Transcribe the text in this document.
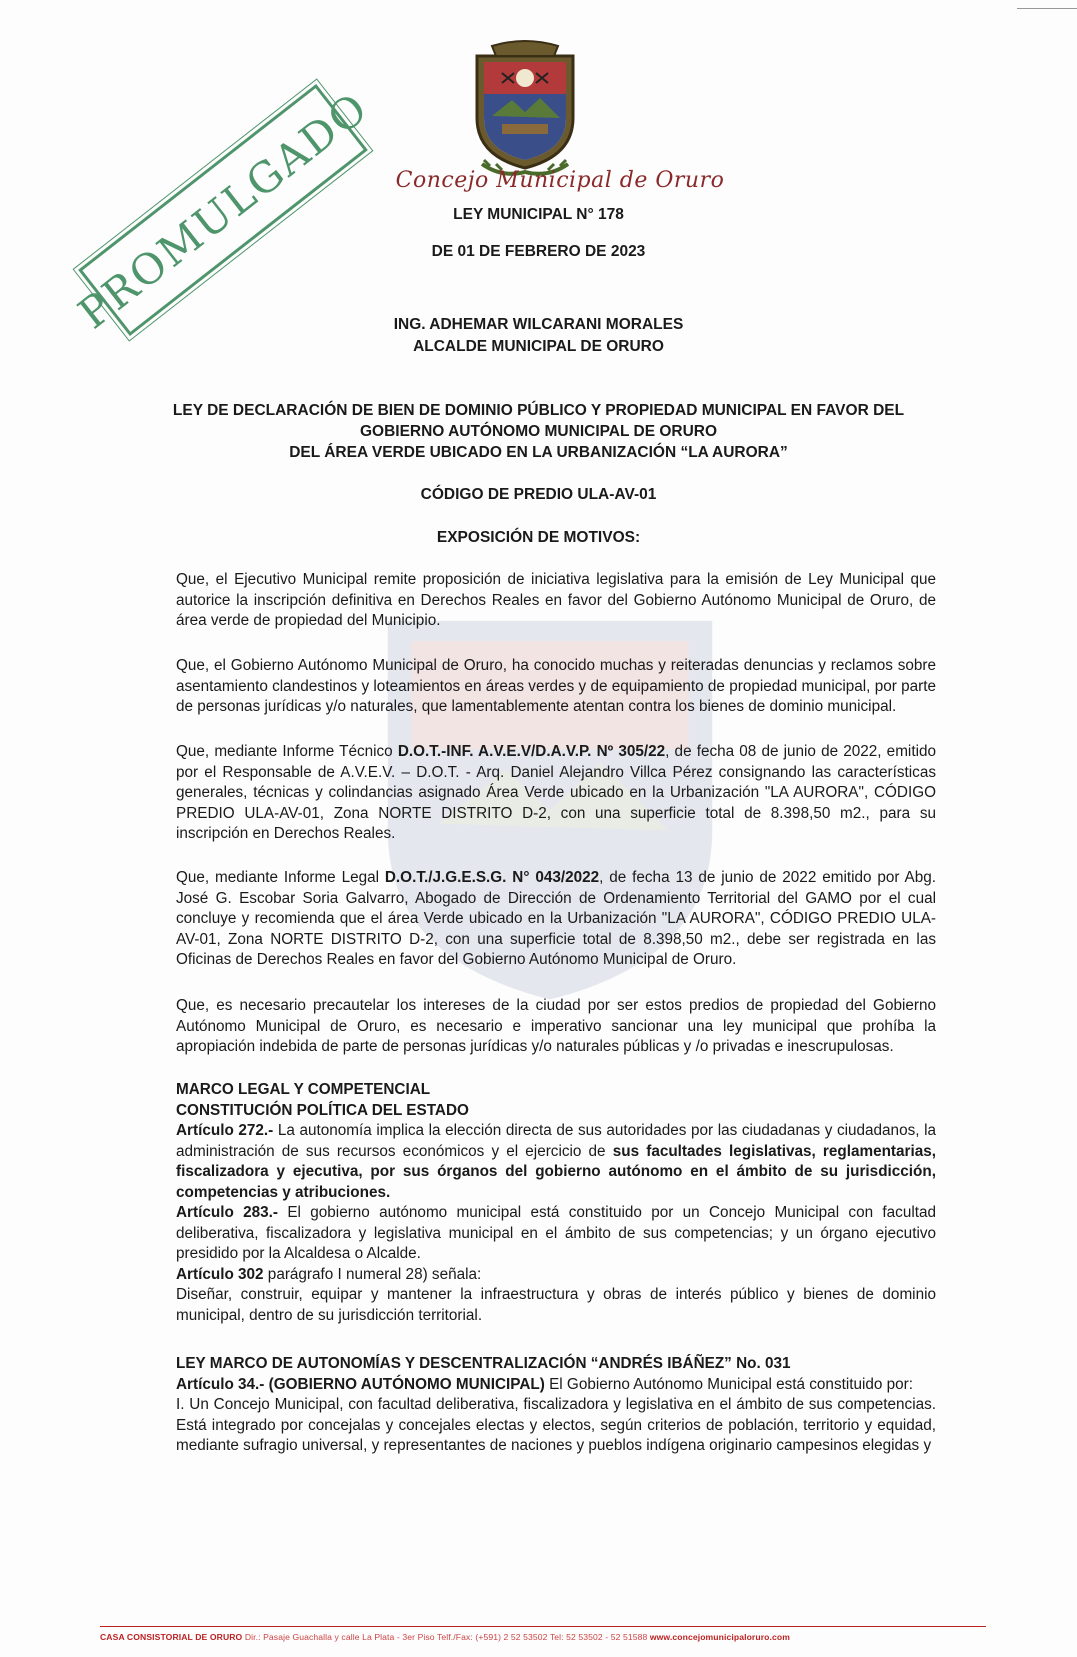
Concejo Municipal de Oruro
PROMULGADO	LEY MUNICIPAL N° 178
DE 01 DE FEBRERO DE 2023
ING. ADHEMAR WILCARANI MORALES
ALCALDE MUNICIPAL DE ORURO
LEY DE DECLARACIÓN DE BIEN DE DOMINIO PÚBLICO Y PROPIEDAD MUNICIPAL EN FAVOR DEL
GOBIERNO AUTÓNOMO MUNICIPAL DE ORURO
DEL ÁREA VERDE UBICADO EN LA URBANIZACIÓN “LA AURORA”
CÓDIGO DE PREDIO ULA-AV-01
EXPOSICIÓN DE MOTIVOS:

Que, el Ejecutivo Municipal remite proposición de iniciativa legislativa para la emisión de Ley Municipal que autorice la inscripción definitiva en Derechos Reales en favor del Gobierno Autónomo Municipal de Oruro, de área verde de propiedad del Municipio.

Que, el Gobierno Autónomo Municipal de Oruro, ha conocido muchas y reiteradas denuncias y reclamos sobre asentamiento clandestinos y loteamientos en áreas verdes y de equipamiento de propiedad municipal, por parte de personas jurídicas y/o naturales, que lamentablemente atentan contra los bienes de dominio municipal.

Que, mediante Informe Técnico D.O.T.-INF. A.V.E.V/D.A.V.P. Nº 305/22, de fecha 08 de junio de 2022, emitido por el Responsable de A.V.E.V. – D.O.T. - Arq. Daniel Alejandro Villca Pérez consignando las características generales, técnicas y colindancias asignado Área Verde ubicado en la Urbanización "LA AURORA", CÓDIGO PREDIO ULA-AV-01, Zona NORTE DISTRITO D-2, con una superficie total de 8.398,50 m2., para su inscripción en Derechos Reales.

Que, mediante Informe Legal D.O.T./J.G.E.S.G. N° 043/2022, de fecha 13 de junio de 2022 emitido por Abg. José G. Escobar Soria Galvarro, Abogado de Dirección de Ordenamiento Territorial del GAMO por el cual concluye y recomienda que el área Verde ubicado en la Urbanización "LA AURORA", CÓDIGO PREDIO ULA-AV-01, Zona NORTE DISTRITO D-2, con una superficie total de 8.398,50 m2., debe ser registrada en las Oficinas de Derechos Reales en favor del Gobierno Autónomo Municipal de Oruro.

Que, es necesario precautelar los intereses de la ciudad por ser estos predios de propiedad del Gobierno Autónomo Municipal de Oruro, es necesario e imperativo sancionar una ley municipal que prohíba la apropiación indebida de parte de personas jurídicas y/o naturales públicas y /o privadas e inescrupulosas.

MARCO LEGAL Y COMPETENCIAL

CONSTITUCIÓN POLÍTICA DEL ESTADO

Artículo 272.- La autonomía implica la elección directa de sus autoridades por las ciudadanas y ciudadanos, la administración de sus recursos económicos y el ejercicio de sus facultades legislativas, reglamentarias, fiscalizadora y ejecutiva, por sus órganos del gobierno autónomo en el ámbito de su jurisdicción, competencias y atribuciones.

Artículo 283.- El gobierno autónomo municipal está constituido por un Concejo Municipal con facultad deliberativa, fiscalizadora y legislativa municipal en el ámbito de sus competencias; y un órgano ejecutivo presidido por la Alcaldesa o Alcalde.

Artículo 302 parágrafo I numeral 28) señala:

Diseñar, construir, equipar y mantener la infraestructura y obras de interés público y bienes de dominio municipal, dentro de su jurisdicción territorial.

LEY MARCO DE AUTONOMÍAS Y DESCENTRALIZACIÓN “ANDRÉS IBÁÑEZ” No. 031

Artículo 34.- (GOBIERNO AUTÓNOMO MUNICIPAL) El Gobierno Autónomo Municipal está constituido por:

I. Un Concejo Municipal, con facultad deliberativa, fiscalizadora y legislativa en el ámbito de sus competencias. Está integrado por concejalas y concejales electas y electos, según criterios de población, territorio y equidad, mediante sufragio universal, y representantes de naciones y pueblos indígena originario campesinos elegidas y

CASA CONSISTORIAL DE ORURO Dir.: Pasaje Guachalla y calle La Plata - 3er Piso Telf./Fax: (+591) 2 52 53502 Tel: 52 53502 - 52 51588 www.concejomunicipaloruro.com
